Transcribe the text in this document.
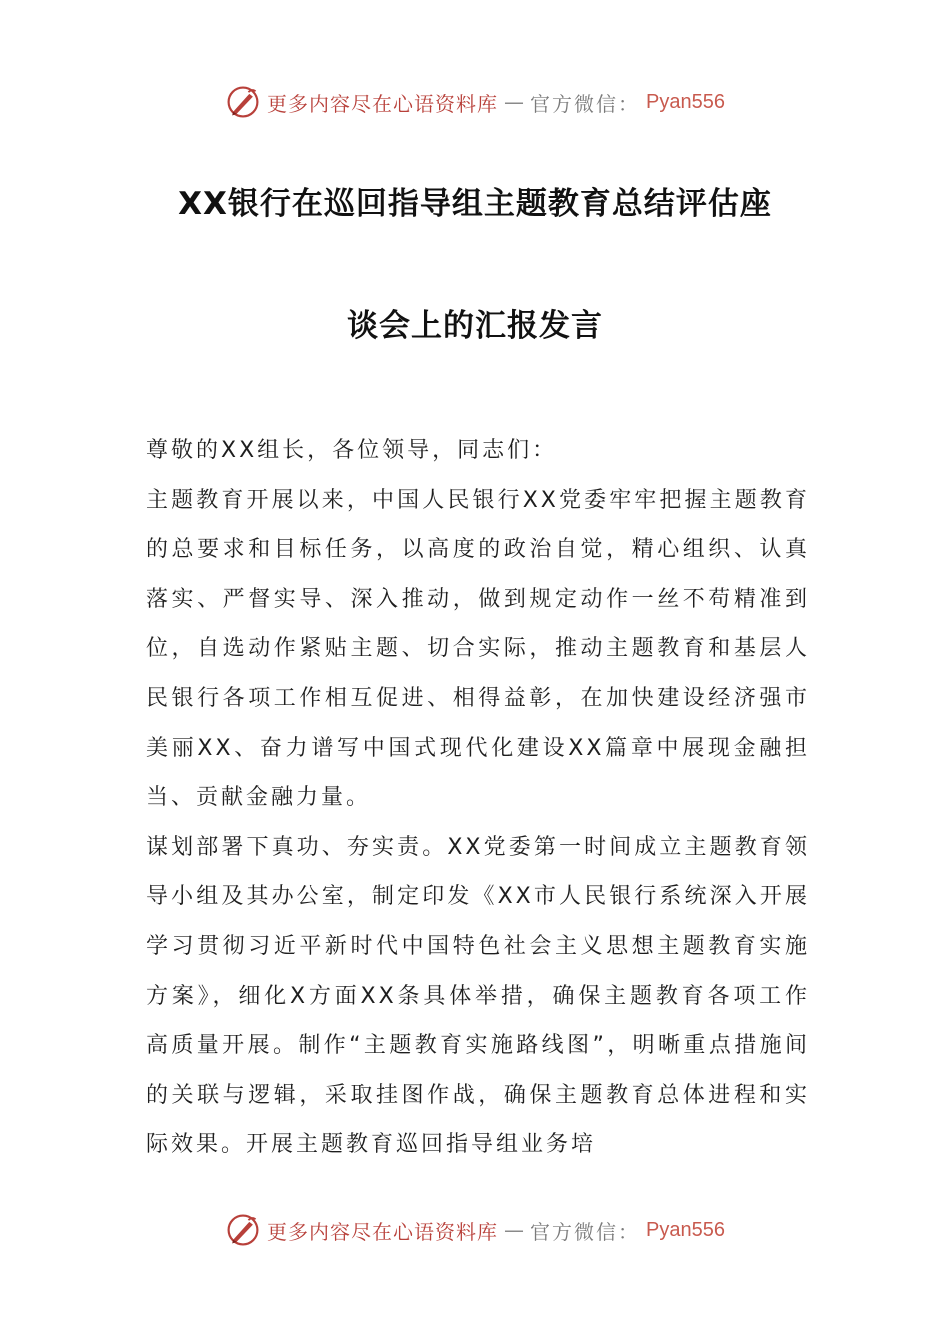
更多内容尽在心语资料库 — 官方微信： Pyan556
XX银行在巡回指导组主题教育总结评估座
谈会上的汇报发言

尊敬的XX组长，各位领导，同志们：

主题教育开展以来，中国人民银行XX党委牢牢把握主题教育的总要求和目标任务，以高度的政治自觉，精心组织、认真落实、严督实导、深入推动，做到规定动作一丝不苟精准到位，自选动作紧贴主题、切合实际，推动主题教育和基层人民银行各项工作相互促进、相得益彰，在加快建设经济强市美丽XX、奋力谱写中国式现代化建设XX篇章中展现金融担当、贡献金融力量。

谋划部署下真功、夯实责。XX党委第一时间成立主题教育领导小组及其办公室，制定印发《XX市人民银行系统深入开展学习贯彻习近平新时代中国特色社会主义思想主题教育实施方案》，细化X方面XX条具体举措，确保主题教育各项工作高质量开展。制作“主题教育实施路线图”，明晰重点措施间的关联与逻辑，采取挂图作战，确保主题教育总体进程和实际效果。开展主题教育巡回指导组业务培

更多内容尽在心语资料库 — 官方微信： Pyan556
